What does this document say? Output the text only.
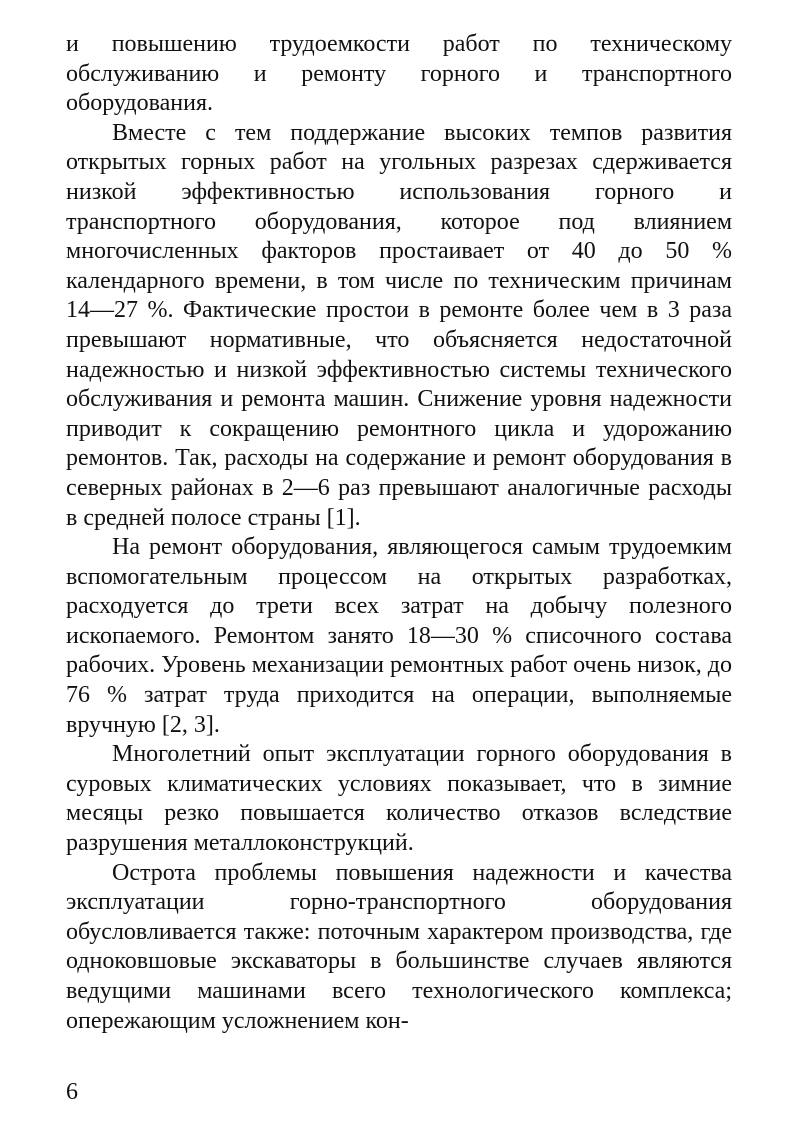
и повышению трудоемкости работ по техническому обслуживанию и ремонту горного и транспортного оборудования.

Вместе с тем поддержание высоких темпов развития открытых горных работ на угольных разрезах сдерживается низкой эффективностью использования горного и транспортного оборудования, которое под влиянием многочисленных факторов простаивает от 40 до 50 % календарного времени, в том числе по техническим причинам 14—27 %. Фактические простои в ремонте более чем в 3 раза превышают нормативные, что объясняется недостаточной надежностью и низкой эффективностью системы технического обслуживания и ремонта машин. Снижение уровня надежности приводит к сокращению ремонтного цикла и удорожанию ремонтов. Так, расходы на содержание и ремонт оборудования в северных районах в 2—6 раз превышают аналогичные расходы в средней полосе страны [1].

На ремонт оборудования, являющегося самым трудоемким вспомогательным процессом на открытых разработках, расходуется до трети всех затрат на добычу полезного ископаемого. Ремонтом занято 18—30 % списочного состава рабочих. Уровень механизации ремонтных работ очень низок, до 76 % затрат труда приходится на операции, выполняемые вручную [2, 3].

Многолетний опыт эксплуатации горного оборудования в суровых климатических условиях показывает, что в зимние месяцы резко повышается количество отказов вследствие разрушения металлоконструкций.

Острота проблемы повышения надежности и качества эксплуатации горно-транспортного оборудования обусловливается также: поточным характером производства, где одноковшовые экскаваторы в большинстве случаев являются ведущими машинами всего технологического комплекса; опережающим усложнением кон-

6
